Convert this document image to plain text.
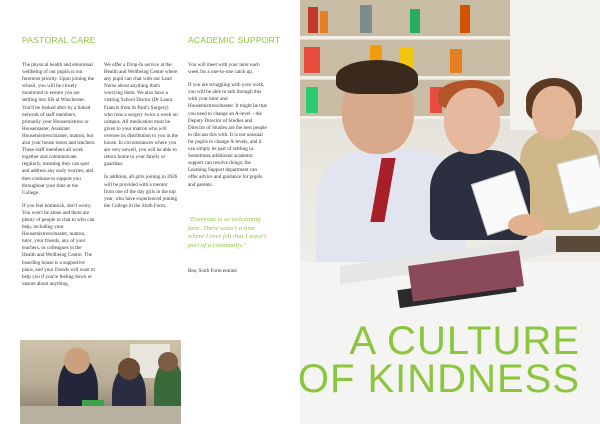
PASTORAL CARE

The physical health and emotional wellbeing of our pupils is our foremost priority. Upon joining the school, you will be closely monitored to ensure you are settling into life at Winchester. You'll be looked after by a linked network of staff members, primarily your Housemistress or Housemaster, Assistant Housemistress/master, matron, but also your house tutors and teachers. These staff members all work together and communicate regularly, meaning they can spot and address any early worries, and then continue to support you throughout your time at the College.

If you feel homesick, don't worry. You won't be alone and there are plenty of people to chat to who can help, including your Housemistress/master, matron, tutor, your friends, any of your teachers, or colleagues in the Health and Wellbeing Centre. The boarding house is a supportive place, and your friends will want to help you if you're feeling down or unsure about anything.

We offer a Drop-In service at the Health and Wellbeing Centre where any pupil can chat with our Lead Nurse about anything that's worrying them. We also have a visiting School Doctor (Dr Laura Francis from St Paul's Surgery) who runs a surgery twice a week on campus. All medication must be given to your matron who will oversee its distribution to you in the house. In circumstances where you are very unwell, you will be able to return home to your family or guardian.

In addition, all girls joining in 2026 will be provided with a mentor from one of the day girls in the top year, who have experienced joining the College in the Sixth Form.

ACADEMIC SUPPORT

You will meet with your tutor each week for a one-to-one catch up.

If you are struggling with your work, you will be able to talk through this with your tutor and Housemistress/master. It might be that you need to change an A-level – the Deputy Director of Studies and Director of Studies are the best people to discuss this with. It is not unusual for pupils to change A-levels, and it can simply be part of settling in. Sometimes additional academic support can resolve things; the Learning Support department can offer advice and guidance for pupils and parents.

"Everyone is so welcoming here. There wasn't a time where I ever felt that I wasn't part of a community."
Bea, Sixth Form entrant
A CULTURE
OF KINDNESS
